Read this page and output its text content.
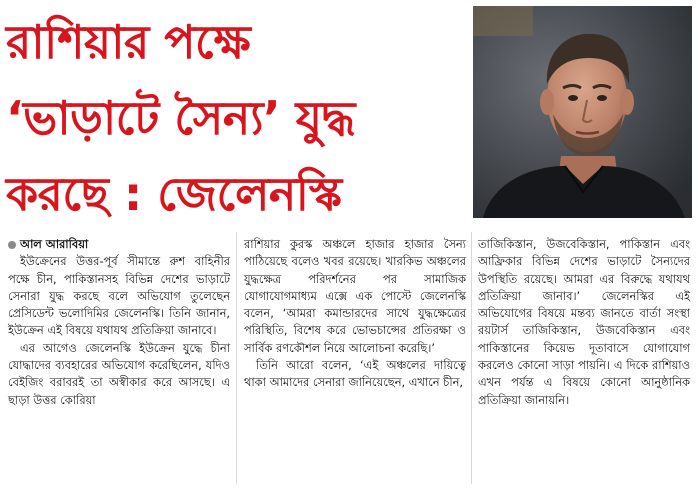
রাশিয়ার পক্ষে
‘ভাড়াটে সৈন্য’ যুদ্ধ
করছে : জেলেনস্কি
আল আরাবিয়া

ইউক্রেনের উত্তর-পূর্ব সীমান্তে রুশ বাহিনীর পক্ষে চীন, পাকিস্তানসহ বিভিন্ন দেশের ভাড়াটে সেনারা যুদ্ধ করছে বলে অভিযোগ তুলেছেন প্রেসিডেন্ট ভলোদিমির জেলেনস্কি। তিনি জানান, ইউক্রেন এই বিষয়ে যথাযথ প্রতিক্রিয়া জানাবে।

এর আগেও জেলেনস্কি ইউক্রেন যুদ্ধে চীনা যোদ্ধাদের ব্যবহারের অভিযোগ করেছিলেন, যদিও বেইজিং বরাবরই তা অস্বীকার করে আসছে। এ ছাড়া উত্তর কোরিয়া

রাশিয়ার কুরস্ক অঞ্চলে হাজার হাজার সৈন্য পাঠিয়েছে বলেও খবর রয়েছে। খারকিভ অঞ্চলের যুদ্ধক্ষেত্র পরিদর্শনের পর সামাজিক যোগাযোগমাধ্যম এক্সে এক পোস্টে জেলেনস্কি বলেন, ‘আমরা কমান্ডারদের সাথে যুদ্ধক্ষেত্রের পরিস্থিতি, বিশেষ করে ভোভচান্সের প্রতিরক্ষা ও সার্বিক রণকৌশল নিয়ে আলোচনা করেছি।’

তিনি আরো বলেন, ‘এই অঞ্চলের দায়িত্বে থাকা আমাদের সেনারা জানিয়েছেন, এখানে চীন,

তাজিকিস্তান, উজবেকিস্তান, পাকিস্তান এবং আফ্রিকার বিভিন্ন দেশের ভাড়াটে সৈন্যদের উপস্থিতি রয়েছে। আমরা এর বিরুদ্ধে যথাযথ প্রতিক্রিয়া জানাব।’ জেলেনস্কির এই অভিযোগের বিষয়ে মন্তব্য জানতে বার্তা সংস্থা রয়টার্স তাজিকিস্তান, উজবেকিস্তান এবং পাকিস্তানের কিয়েভ দূতাবাসে যোগাযোগ করলেও কোনো সাড়া পায়নি। এ দিকে রাশিয়াও এখন পর্যন্ত এ বিষয়ে কোনো আনুষ্ঠানিক প্রতিক্রিয়া জানায়নি।
